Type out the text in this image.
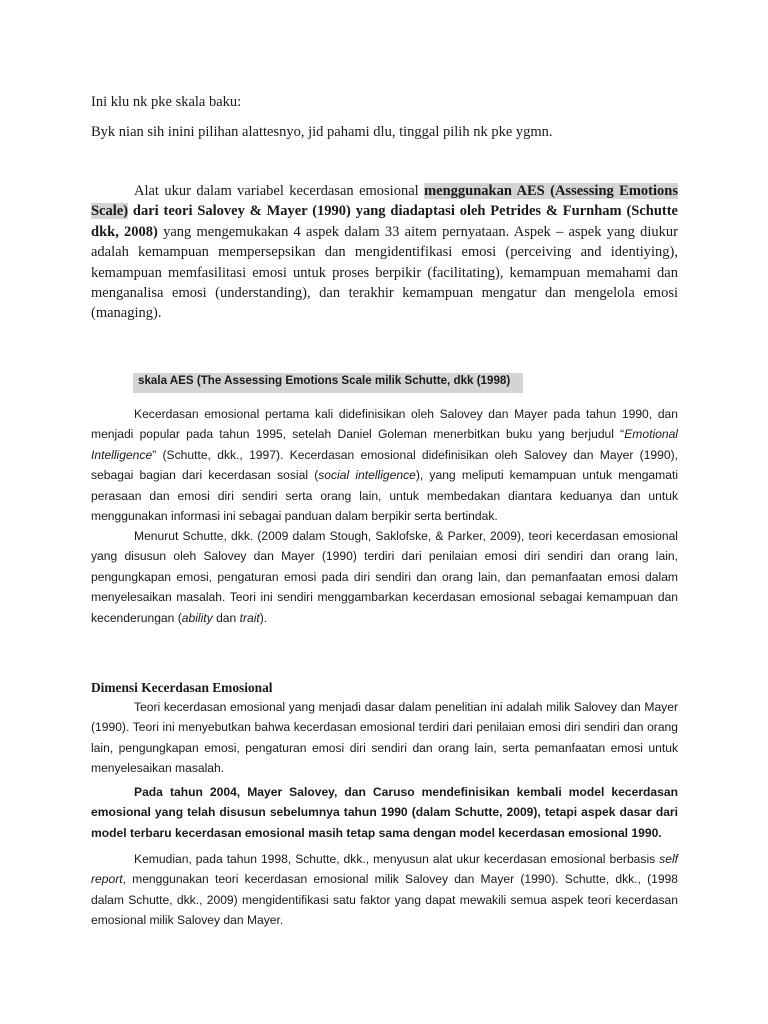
Ini klu nk pke skala baku:
Byk nian sih inini pilihan alattesnyo, jid pahami dlu, tinggal pilih nk pke ygmn.

Alat ukur dalam variabel kecerdasan emosional menggunakan AES (Assessing Emotions Scale) dari teori Salovey & Mayer (1990) yang diadaptasi oleh Petrides & Furnham (Schutte dkk, 2008) yang mengemukakan 4 aspek dalam 33 aitem pernyataan. Aspek – aspek yang diukur adalah kemampuan mempersepsikan dan mengidentifikasi emosi (perceiving and identiying), kemampuan memfasilitasi emosi untuk proses berpikir (facilitating), kemampuan memahami dan menganalisa emosi (understanding), dan terakhir kemampuan mengatur dan mengelola emosi (managing).

skala AES (The Assessing Emotions Scale milik Schutte, dkk (1998)

Kecerdasan emosional pertama kali didefinisikan oleh Salovey dan Mayer pada tahun 1990, dan menjadi popular pada tahun 1995, setelah Daniel Goleman menerbitkan buku yang berjudul “Emotional Intelligence” (Schutte, dkk., 1997). Kecerdasan emosional didefinisikan oleh Salovey dan Mayer (1990), sebagai bagian dari kecerdasan sosial (social intelligence), yang meliputi kemampuan untuk mengamati perasaan dan emosi diri sendiri serta orang lain, untuk membedakan diantara keduanya dan untuk menggunakan informasi ini sebagai panduan dalam berpikir serta bertindak.

Menurut Schutte, dkk. (2009 dalam Stough, Saklofske, & Parker, 2009), teori kecerdasan emosional yang disusun oleh Salovey dan Mayer (1990) terdiri dari penilaian emosi diri sendiri dan orang lain, pengungkapan emosi, pengaturan emosi pada diri sendiri dan orang lain, dan pemanfaatan emosi dalam menyelesaikan masalah. Teori ini sendiri menggambarkan kecerdasan emosional sebagai kemampuan dan kecenderungan (ability dan trait).

Dimensi Kecerdasan Emosional

Teori kecerdasan emosional yang menjadi dasar dalam penelitian ini adalah milik Salovey dan Mayer (1990). Teori ini menyebutkan bahwa kecerdasan emosional terdiri dari penilaian emosi diri sendiri dan orang lain, pengungkapan emosi, pengaturan emosi diri sendiri dan orang lain, serta pemanfaatan emosi untuk menyelesaikan masalah.

Pada tahun 2004, Mayer Salovey, dan Caruso mendefinisikan kembali model kecerdasan emosional yang telah disusun sebelumnya tahun 1990 (dalam Schutte, 2009), tetapi aspek dasar dari model terbaru kecerdasan emosional masih tetap sama dengan model kecerdasan emosional 1990.

Kemudian, pada tahun 1998, Schutte, dkk., menyusun alat ukur kecerdasan emosional berbasis self report, menggunakan teori kecerdasan emosional milik Salovey dan Mayer (1990). Schutte, dkk., (1998 dalam Schutte, dkk., 2009) mengidentifikasi satu faktor yang dapat mewakili semua aspek teori kecerdasan emosional milik Salovey dan Mayer.
